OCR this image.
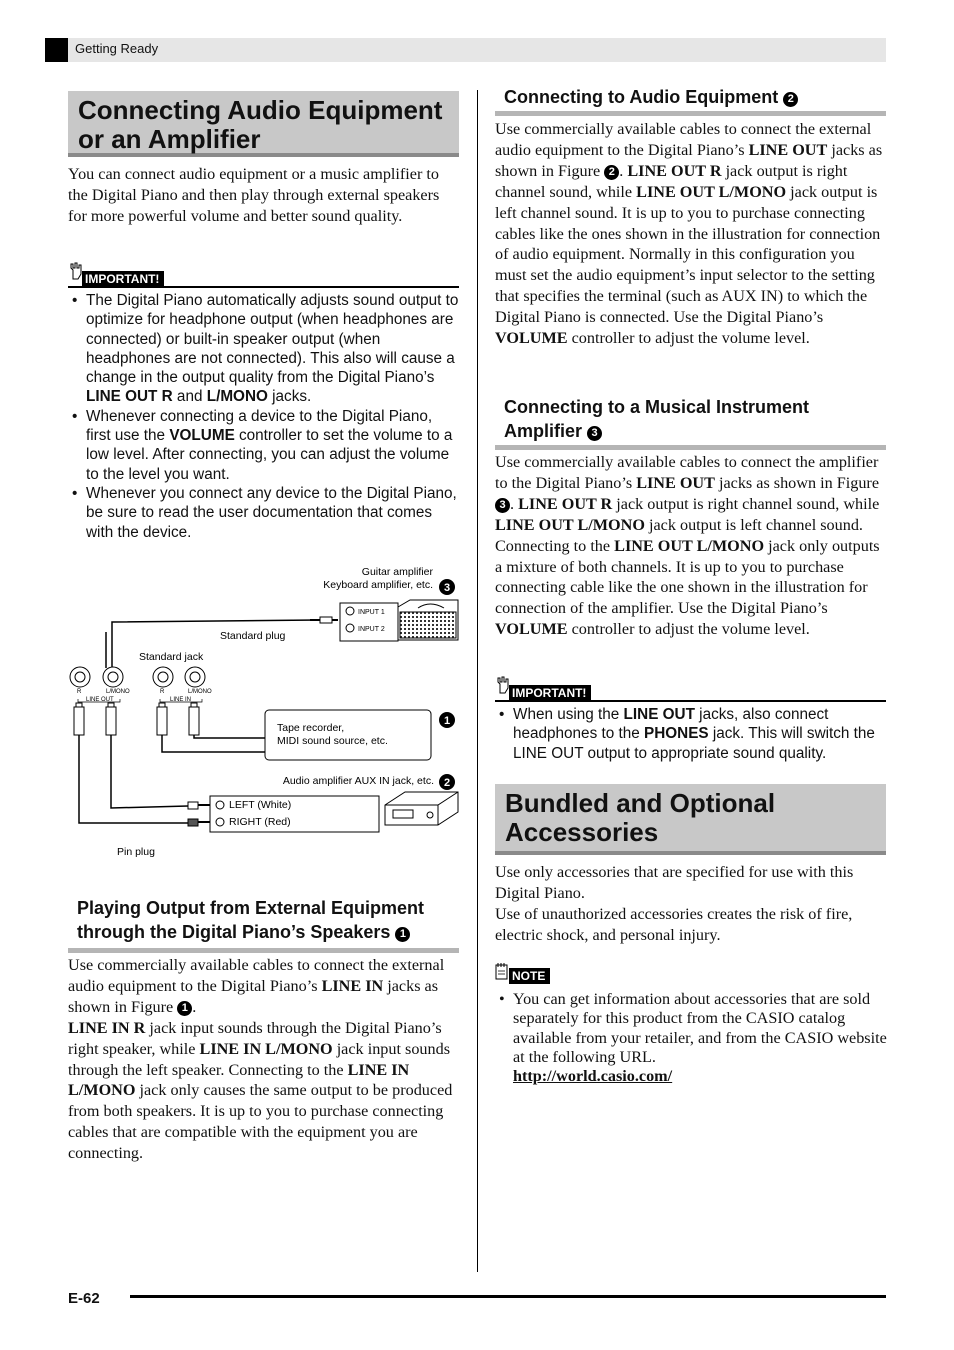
Getting Ready
Connecting Audio Equipment or an Amplifier

You can connect audio equipment or a music amplifier to the Digital Piano and then play through external speakers for more powerful volume and better sound quality.

IMPORTANT!
• The Digital Piano automatically adjusts sound output to optimize for headphone output (when headphones are connected) or built-in speaker output (when headphones are not connected). This also will cause a change in the output quality from the Digital Piano’s LINE OUT R and L/MONO jacks.
• Whenever connecting a device to the Digital Piano, first use the VOLUME controller to set the volume to a low level. After connecting, you can adjust the volume to the level you want.
• Whenever you connect any device to the Digital Piano, be sure to read the user documentation that comes with the device.
Guitar amplifier
Keyboard amplifier, etc. 3
INPUT 1
INPUT 2
Standard plug
Standard jack
R	L/MONO
LINE OUT
R	L/MONO
LINE IN
Tape recorder,
MIDI sound source, etc.
1
Audio amplifier AUX IN jack, etc. 2
LEFT (White)
RIGHT (Red)
Pin plug
Playing Output from External Equipment
through the Digital Piano’s Speakers 1

Use commercially available cables to connect the external audio equipment to the Digital Piano’s LINE IN jacks as shown in Figure 1 .

LINE IN R jack input sounds through the Digital Piano’s right speaker, while LINE IN L/MONO jack input sounds through the left speaker. Connecting to the LINE IN L/MONO jack only causes the same output to be produced from both speakers. It is up to you to purchase connecting cables that are compatible with the equipment you are connecting.

Connecting to Audio Equipment 2

Use commercially available cables to connect the external audio equipment to the Digital Piano’s LINE OUT jacks as shown in Figure 2 . LINE OUT R jack output is right channel sound, while LINE OUT L/MONO jack output is left channel sound. It is up to you to purchase connecting cables like the ones shown in the illustration for connection of audio equipment. Normally in this configuration you must set the audio equipment’s input selector to the setting that specifies the terminal (such as AUX IN) to which the Digital Piano is connected. Use the Digital Piano’s VOLUME controller to adjust the volume level.

Connecting to a Musical Instrument
Amplifier 3

Use commercially available cables to connect the amplifier to the Digital Piano’s LINE OUT jacks as shown in Figure 3 . LINE OUT R jack output is right channel sound, while LINE OUT L/MONO jack output is left channel sound. Connecting to the LINE OUT L/MONO jack only outputs a mixture of both channels. It is up to you to purchase connecting cable like the one shown in the illustration for connection of the amplifier. Use the Digital Piano’s VOLUME controller to adjust the volume level.

IMPORTANT!
• When using the LINE OUT jacks, also connect headphones to the PHONES jack. This will switch the LINE OUT output to appropriate sound quality.
Bundled and Optional Accessories

Use only accessories that are specified for use with this Digital Piano.

Use of unauthorized accessories creates the risk of fire, electric shock, and personal injury.

NOTE
• You can get information about accessories that are sold separately for this product from the CASIO catalog available from your retailer, and from the CASIO website at the following URL.
http://world.casio.com/
E-62
